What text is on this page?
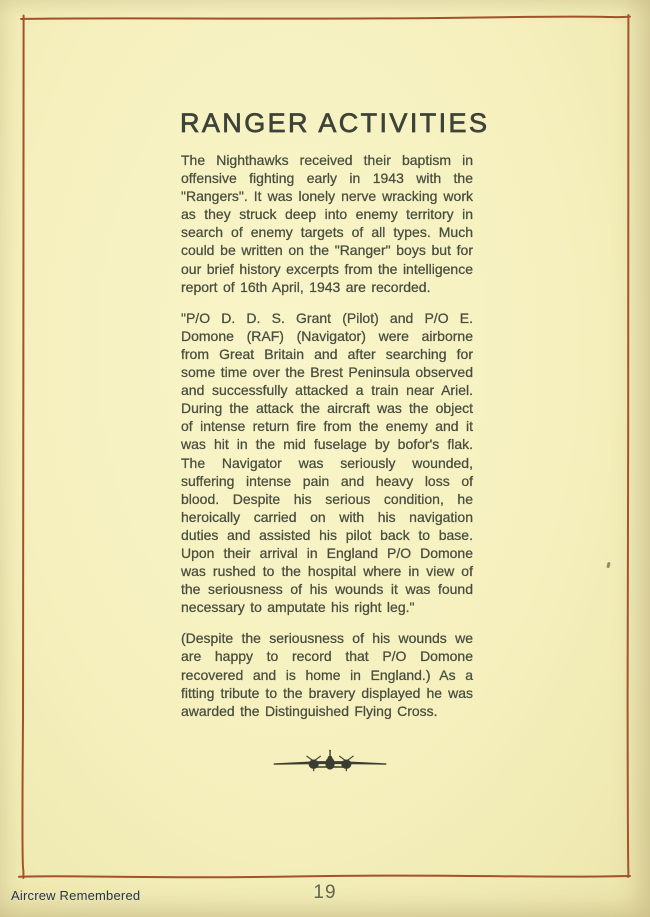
RANGER ACTIVITIES

The Nighthawks received their baptism in offensive fighting early in 1943 with the "Rangers". It was lonely nerve wracking work as they struck deep into enemy territory in search of enemy targets of all types. Much could be written on the "Ranger" boys but for our brief history excerpts from the intelligence report of 16th April, 1943 are recorded.

"P/O D. D. S. Grant (Pilot) and P/O E. Domone (RAF) (Navigator) were airborne from Great Britain and after searching for some time over the Brest Peninsula observed and successfully attacked a train near Ariel. During the attack the aircraft was the object of intense return fire from the enemy and it was hit in the mid fuselage by bofor's flak. The Navigator was seriously wounded, suffering intense pain and heavy loss of blood. Despite his serious condition, he heroically carried on with his navigation duties and assisted his pilot back to base. Upon their arrival in England P/O Domone was rushed to the hospital where in view of the seriousness of his wounds it was found necessary to amputate his right leg."

(Despite the seriousness of his wounds we are happy to record that P/O Domone recovered and is home in England.) As a fitting tribute to the bravery displayed he was awarded the Distinguished Flying Cross.

Aircrew Remembered	19
